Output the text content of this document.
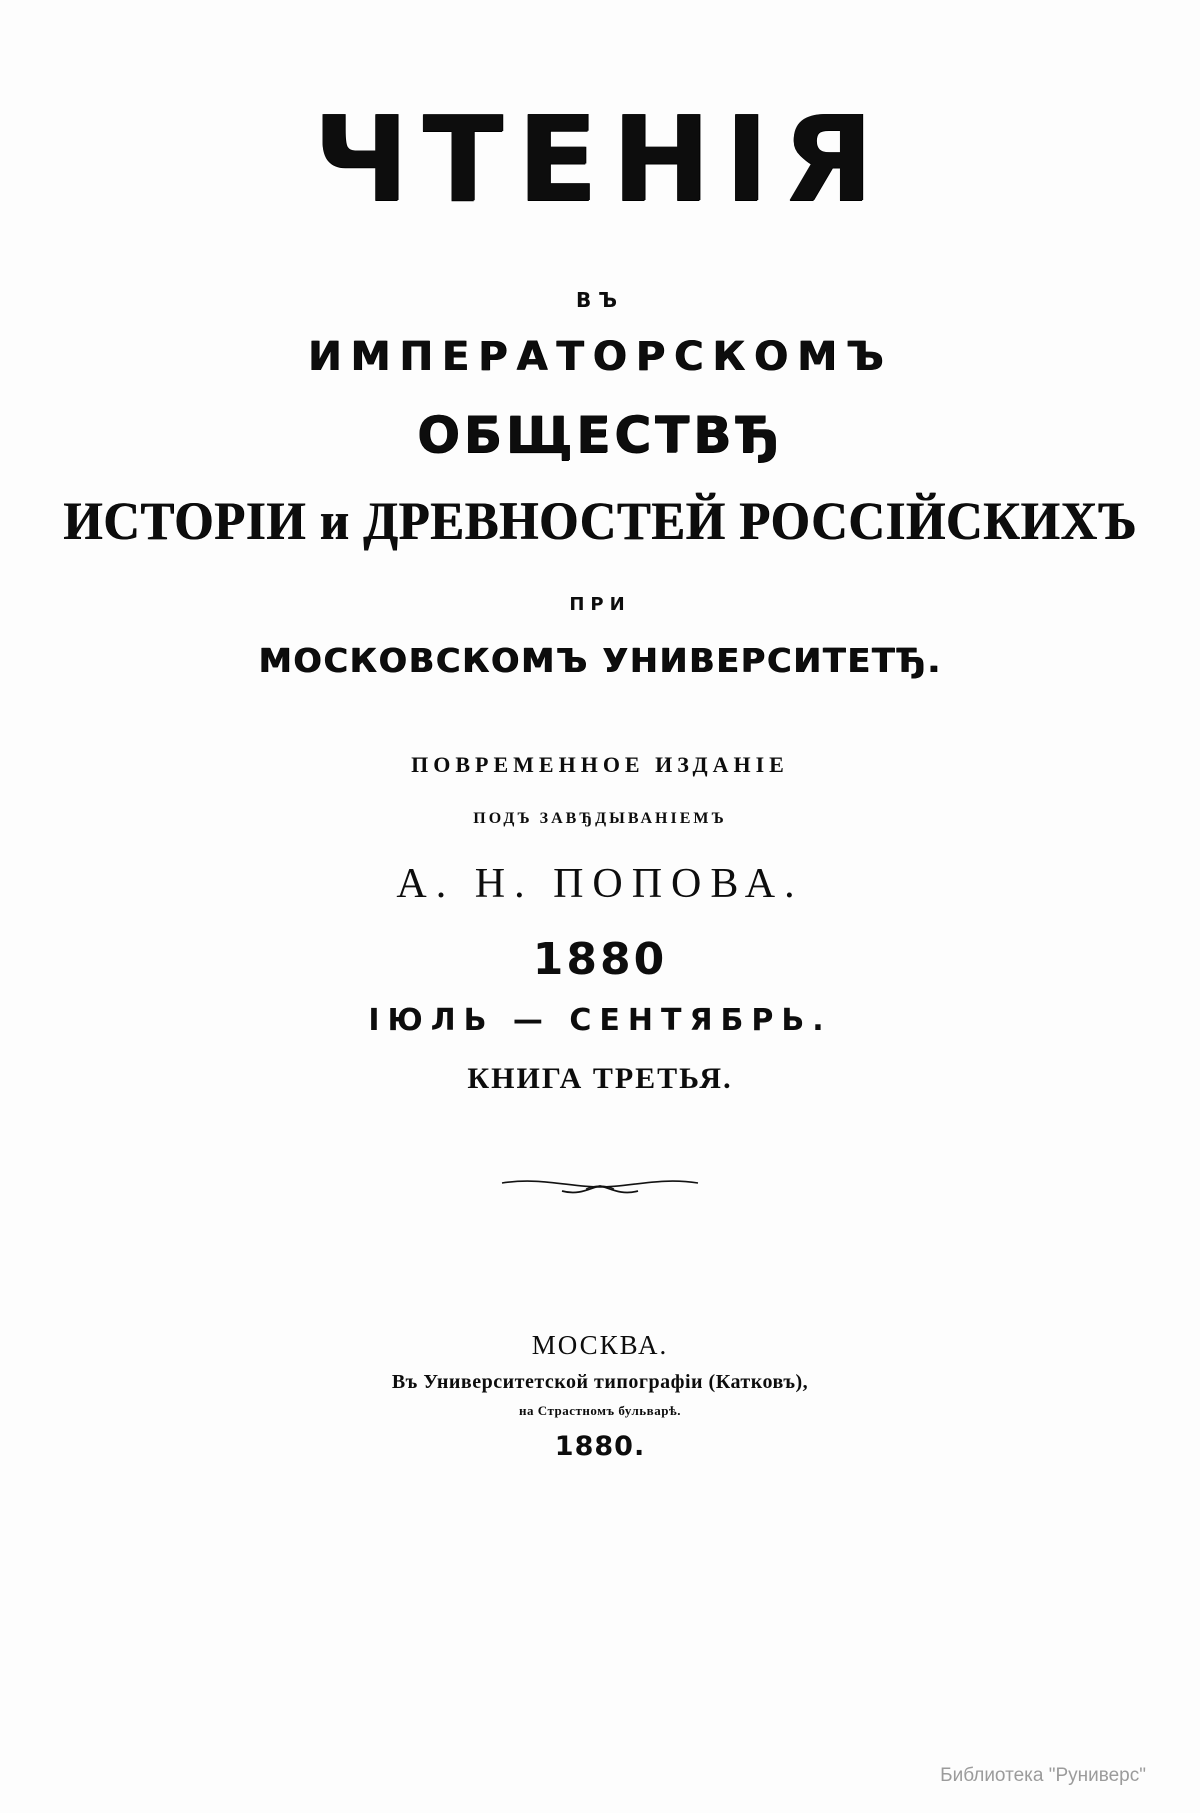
ЧТЕНІЯ
ВЪ
ИМПЕРАТОРСКОМЪ
ОБЩЕСТВЂ
ИСТОРІИ и ДРЕВНОСТЕЙ РОССІЙСКИХЪ
ПРИ
МОСКОВСКОМЪ УНИВЕРСИТЕТЂ.
ПОВРЕМЕННОЕ ИЗДАНІЕ
ПОДЪ ЗАВЂДЫВАНІЕМЪ
А. Н. ПОПОВА.
1880
ІЮЛЬ — СЕНТЯБРЬ.
КНИГА ТРЕТЬЯ.
МОСКВА.
Въ Университетской типографіи (Катковъ),
на Страстномъ бульварѣ.
1880.
Библиотека "Руниверс"
